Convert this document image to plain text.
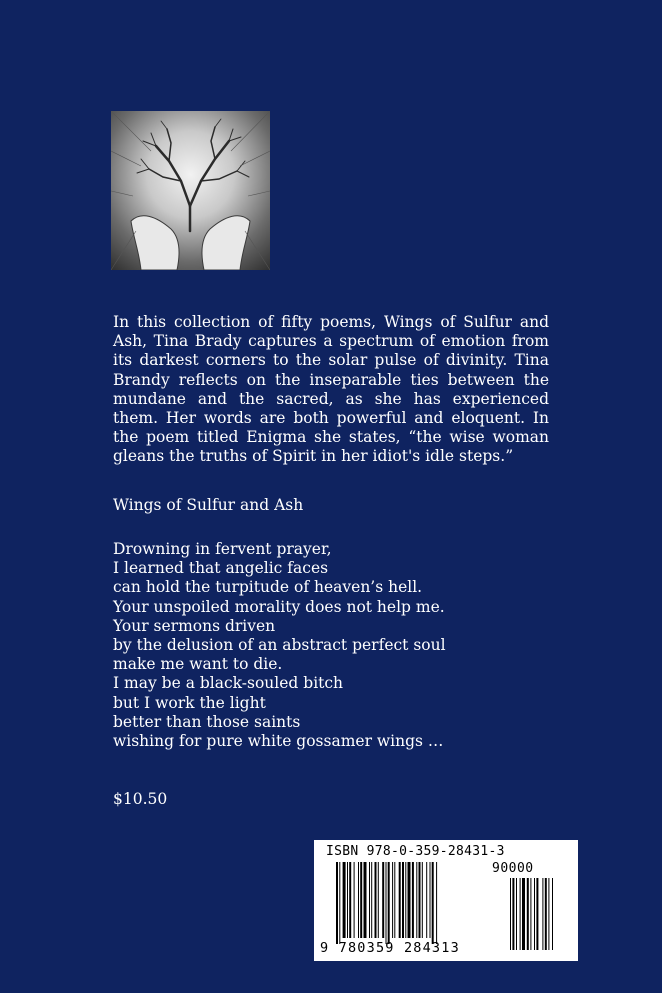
In this collection of fifty poems, Wings of Sulfur and Ash, Tina Brady captures a spectrum of emotion from its darkest corners to the solar pulse of divinity. Tina Brandy reflects on the inseparable ties between the mundane and the sacred, as she has experienced them. Her words are both powerful and eloquent. In the poem titled Enigma she states, “the wise woman gleans the truths of Spirit in her idiot's idle steps.”
Wings of Sulfur and Ash
Drowning in fervent prayer,
I learned that angelic faces
can hold the turpitude of heaven’s hell.
Your unspoiled morality does not help me.
Your sermons driven
by the delusion of an abstract perfect soul
make me want to die.
I may be a black-souled bitch
but I work the light
better than those saints
wishing for pure white gossamer wings …
$10.50
ISBN 978-0-359-28431-3
90000
9 780359 284313
